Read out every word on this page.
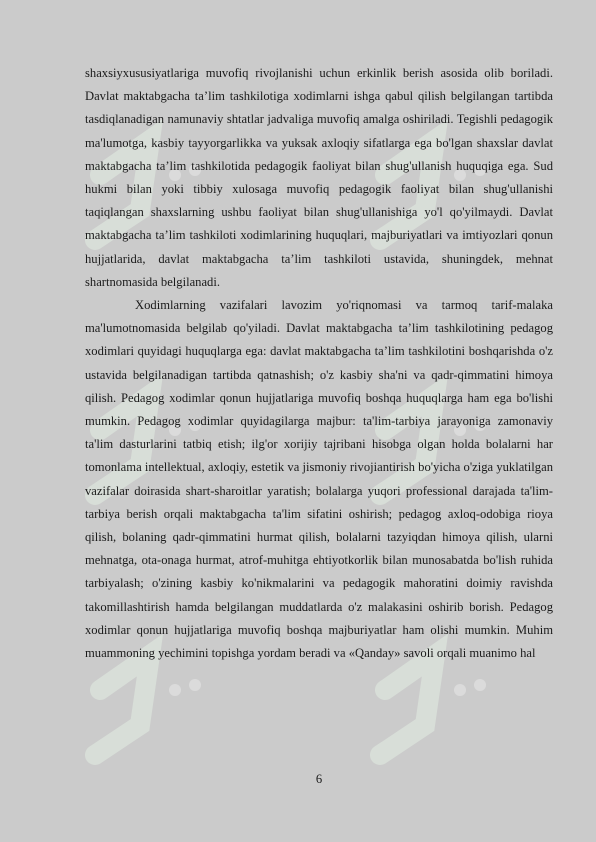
shaxsiyxususiyatlariga muvofiq rivojlanishi uchun erkinlik berish asosida olib boriladi. Davlat maktabgacha ta’lim tashkilotiga xodimlarni ishga qabul qilish belgilangan tartibda tasdiqlanadigan namunaviy shtatlar jadvaliga muvofiq amalga oshiriladi. Tegishli pedagogik ma'lumotga, kasbiy tayyorgarlikka va yuksak axloqiy sifatlarga ega bo'lgan shaxslar davlat maktabgacha ta’lim tashkilotida pedagogik faoliyat bilan shug'ullanish huquqiga ega. Sud hukmi bilan yoki tibbiy xulosaga muvofiq pedagogik faoliyat bilan shug'ullanishi taqiqlangan shaxslarning ushbu faoliyat bilan shug'ullanishiga yo'l qo'yilmaydi. Davlat maktabgacha ta’lim tashkiloti xodimlarining huquqlari, majburiyatlari va imtiyozlari qonun hujjatlarida, davlat maktabgacha ta’lim tashkiloti ustavida, shuningdek, mehnat shartnomasida belgilanadi.

Xodimlarning vazifalari lavozim yo'riqnomasi va tarmoq tarif-malaka ma'lumotnomasida belgilab qo'yiladi. Davlat maktabgacha ta’lim tashkilotining pedagog xodimlari quyidagi huquqlarga ega: davlat maktabgacha ta’lim tashkilotini boshqarishda o'z ustavida belgilanadigan tartibda qatnashish; o'z kasbiy sha'ni va qadr-qimmatini himoya qilish. Pedagog xodimlar qonun hujjatlariga muvofiq boshqa huquqlarga ham ega bo'lishi mumkin. Pedagog xodimlar quyidagilarga majbur: ta'lim-tarbiya jarayoniga zamonaviy ta'lim dasturlarini tatbiq etish; ilg'or xorijiy tajribani hisobga olgan holda bolalarni har tomonlama intellektual, axloqiy, estetik va jismoniy rivojiantirish bo'yicha o'ziga yuklatilgan vazifalar doirasida shart-sharoitlar yaratish; bolalarga yuqori professional darajada ta'lim-tarbiya berish orqali maktabgacha ta'lim sifatini oshirish; pedagog axloq-odobiga rioya qilish, bolaning qadr-qimmatini hurmat qilish, bolalarni tazyiqdan himoya qilish, ularni mehnatga, ota-onaga hurmat, atrof-muhitga ehtiyotkorlik bilan munosabatda bo'lish ruhida tarbiyalash; o'zining kasbiy ko'nikmalarini va pedagogik mahoratini doimiy ravishda takomillashtirish hamda belgilangan muddatlarda o'z malakasini oshirib borish. Pedagog xodimlar qonun hujjatlariga muvofiq boshqa majburiyatlar ham olishi mumkin. Muhim muammoning yechimini topishga yordam beradi va «Qanday» savoli orqali muanimo hal

6
